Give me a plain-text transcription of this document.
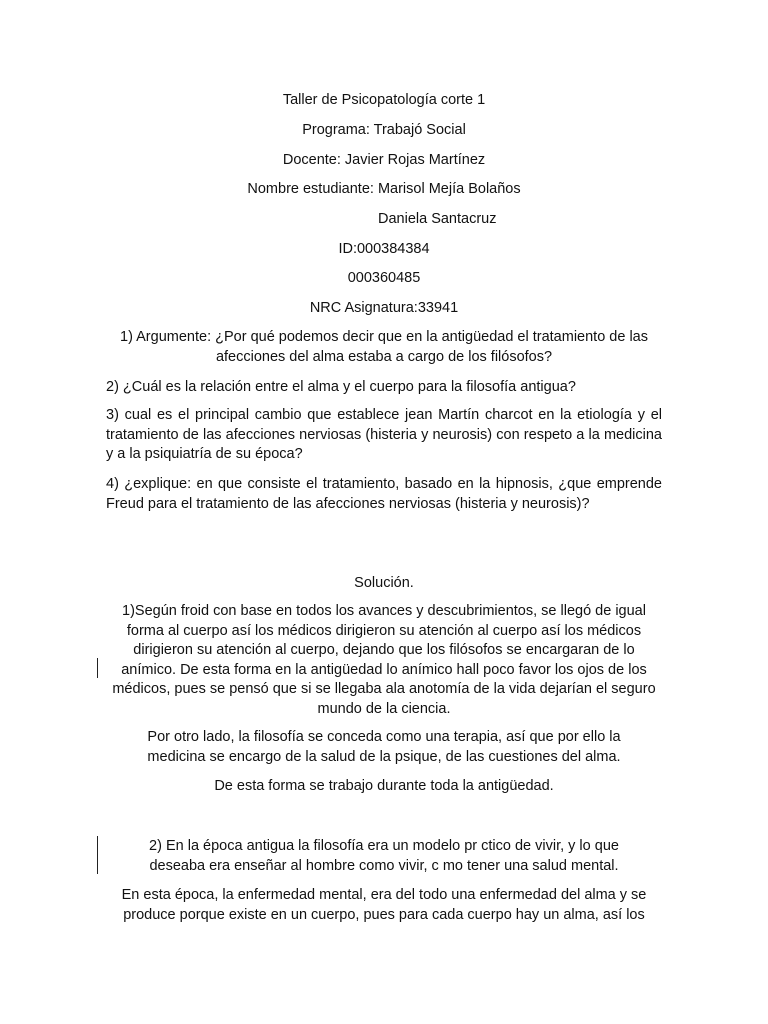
Taller de Psicopatología corte 1
Programa: Trabajó Social
Docente: Javier Rojas Martínez
Nombre estudiante: Marisol Mejía Bolaños
Daniela Santacruz
ID:000384384
000360485
NRC Asignatura:33941
1) Argumente: ¿Por qué podemos decir que en la antigüedad el tratamiento de las afecciones del alma estaba a cargo de los filósofos?
2) ¿Cuál es la relación entre el alma y el cuerpo para la filosofía antigua?
3) cual es el principal cambio que establece jean Martín charcot en la etiología y el tratamiento de las afecciones nerviosas (histeria y neurosis) con respeto a la medicina y a la psiquiatría de su época?
4) ¿explique: en que consiste el tratamiento, basado en la hipnosis, ¿que emprende Freud para el tratamiento de las afecciones nerviosas (histeria y neurosis)?
Solución.
1)Según froid con base en todos los avances y descubrimientos, se llegó de igual forma al cuerpo así los médicos dirigieron su atención al cuerpo así los médicos dirigieron su atención al cuerpo, dejando que los filósofos se encargaran de lo anímico. De esta forma en la antigüedad lo anímico hall poco favor los ojos de los médicos, pues se pensó que si se llegaba ala anotomía de la vida dejarían el seguro mundo de la ciencia.
Por otro lado, la filosofía se conceda como una terapia, así que por ello la medicina se encargo de la salud de la psique, de las cuestiones del alma.
De esta forma se trabajo durante toda la antigüedad.
2) En la época antigua la filosofía era un modelo pr ctico de vivir, y lo que deseaba era enseñar al hombre como vivir, c mo tener una salud mental.
En esta época, la enfermedad mental, era del todo una enfermedad del alma y se produce porque existe en un cuerpo, pues para cada cuerpo hay un alma, así los
